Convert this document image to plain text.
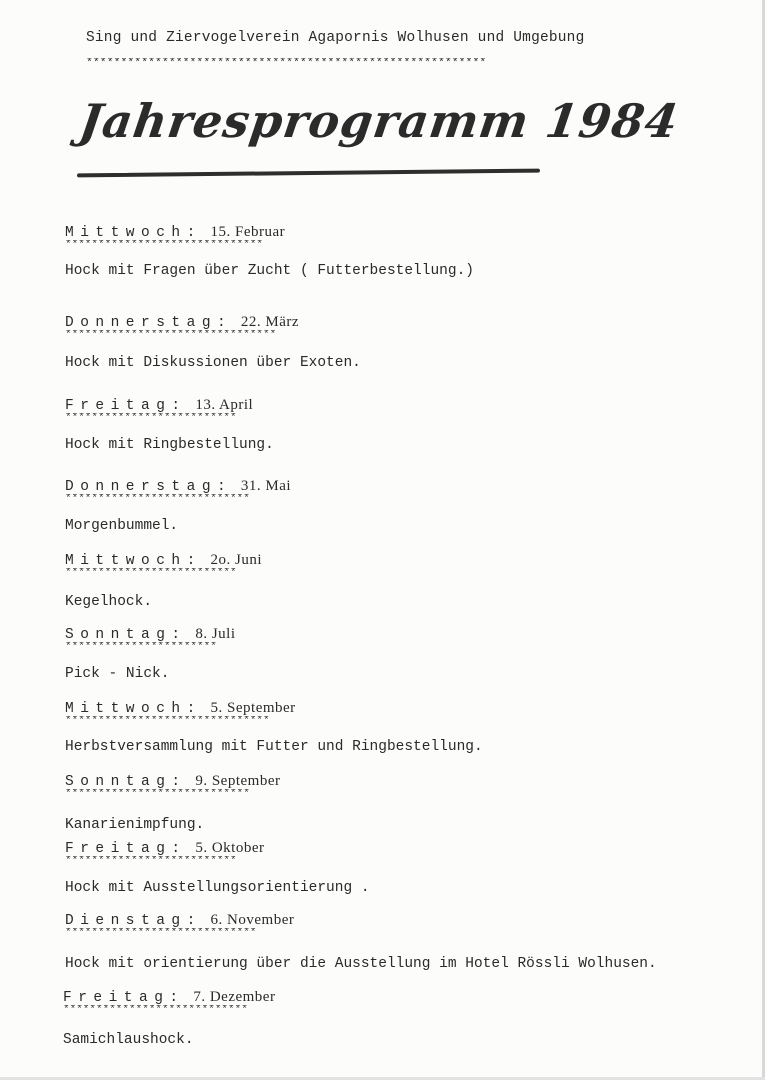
Sing und Ziervogelverein Agapornis Wolhusen und Umgebung
**********************************************************
Jahresprogramm 1984
Mittwoch: 15. Februar
******************************
Hock mit Fragen über Zucht ( Futterbestellung.)
Donnerstag: 22. März
********************************
Hock mit Diskussionen über Exoten.
Freitag: 13. April
**************************
Hock mit Ringbestellung.
Donnerstag: 31. Mai
****************************
Morgenbummel.
Mittwoch: 2o. Juni
**************************
Kegelhock.
Sonntag: 8. Juli
***********************
Pick - Nick.
Mittwoch: 5. September
*******************************
Herbstversammlung mit Futter und Ringbestellung.
Sonntag: 9. September
****************************
Kanarienimpfung.
Freitag: 5. Oktober
**************************
Hock mit Ausstellungsorientierung .
Dienstag: 6. November
*****************************
Hock mit orientierung über die Ausstellung im Hotel Rössli Wolhusen.
Freitag: 7. Dezember
****************************
Samichlaushock.
